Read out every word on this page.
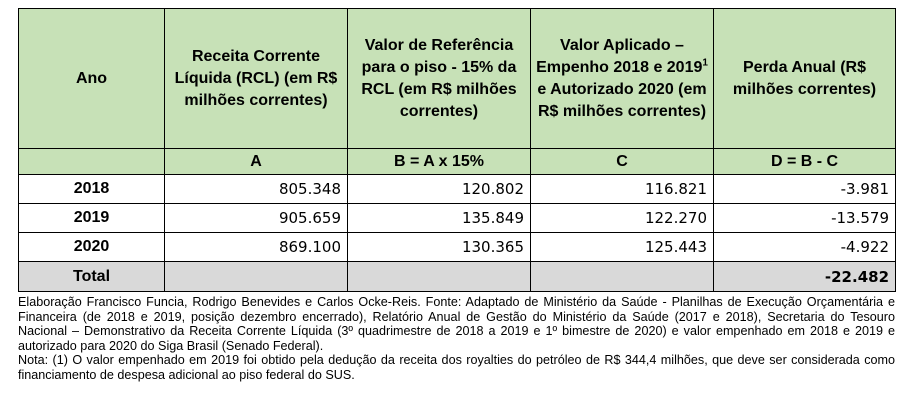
Ano	Receita Corrente Líquida (RCL) (em R$ milhões correntes)	Valor de Referência para o piso - 15% da RCL (em R$ milhões correntes)	Valor Aplicado – Empenho 2018 e 2019$^1$ e Autorizado 2020 (em R$ milhões correntes)	Perda Anual (R$ milhões correntes)
	A	B = A x 15%	C	D = B - C
2018	805.348	120.802	116.821	-3.981
2019	905.659	135.849	122.270	-13.579
2020	869.100	130.365	125.443	-4.922
Total				-22.482

Elaboração Francisco Funcia, Rodrigo Benevides e Carlos Ocke-Reis. Fonte: Adaptado de Ministério da Saúde - Planilhas de Execução Orçamentária e Financeira (de 2018 e 2019, posição dezembro encerrado), Relatório Anual de Gestão do Ministério da Saúde (2017 e 2018), Secretaria do Tesouro Nacional – Demonstrativo da Receita Corrente Líquida (3º quadrimestre de 2018 a 2019 e 1º bimestre de 2020) e valor empenhado em 2018 e 2019 e autorizado para 2020 do Siga Brasil (Senado Federal).

Nota: (1) O valor empenhado em 2019 foi obtido pela dedução da receita dos royalties do petróleo de R$ 344,4 milhões, que deve ser considerada como financiamento de despesa adicional ao piso federal do SUS.
